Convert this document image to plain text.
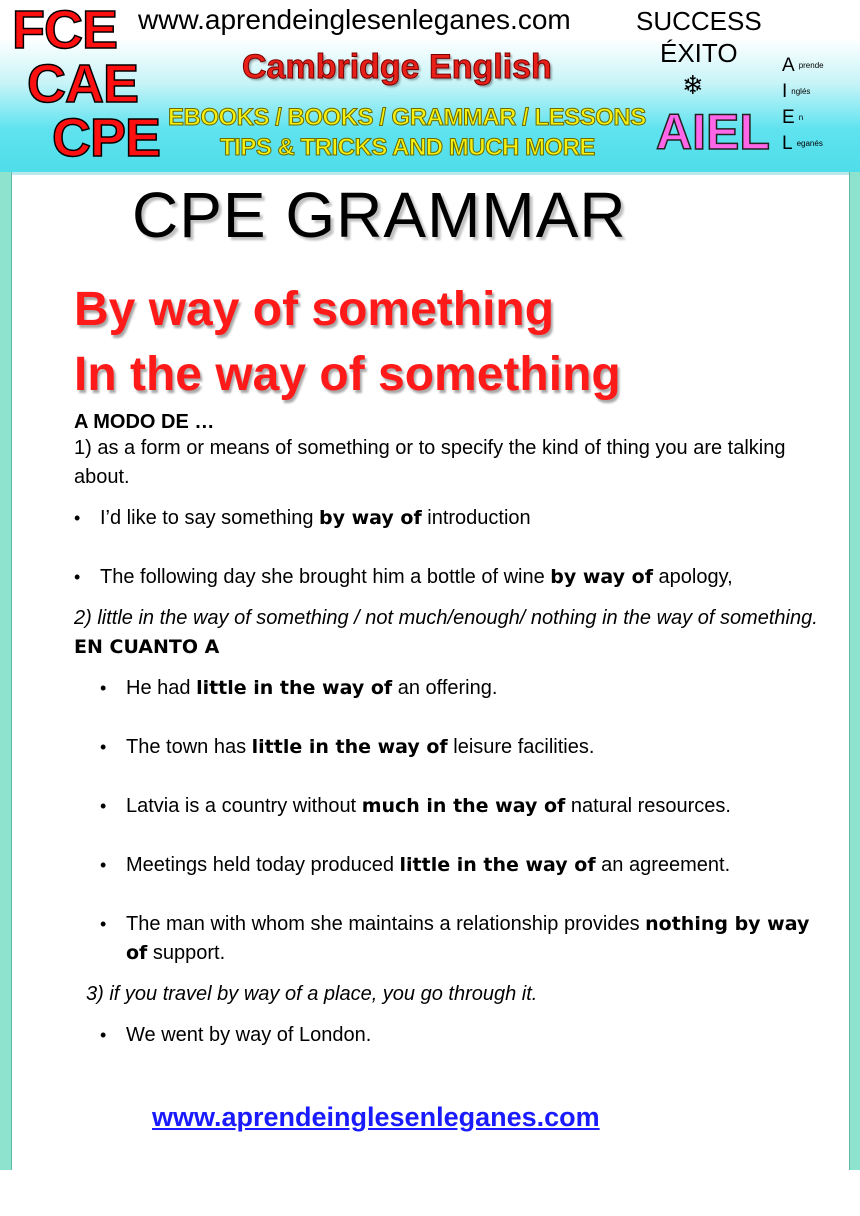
FCE
CAE
CPE
www.aprendeinglesenleganes.com
Cambridge English
EBOOKS / BOOKS / GRAMMAR / LESSONS
TIPS & TRICKS AND MUCH MORE
SUCCESS
ÉXITO
❄
AIEL
Aprende
Inglés
En
Leganés
CPE GRAMMAR
By way of something
In the way of something

A MODO DE …

1) as a form or means of something or to specify the kind of thing you are talking about.

• I’d like to say something by way of introduction

• The following day she brought him a bottle of wine by way of apology,

2) little in the way of something / not much/enough/ nothing in the way of something.  EN CUANTO A

• He had little in the way of an offering.

• The town has little in the way of leisure facilities.

• Latvia is a country without much in the way of natural resources.

• Meetings held today produced little in the way of an agreement.

• The man with whom she maintains a relationship provides nothing by way of support.

3) if you travel by way of a place, you go through it.

• We went by way of London.

www.aprendeinglesenleganes.com
